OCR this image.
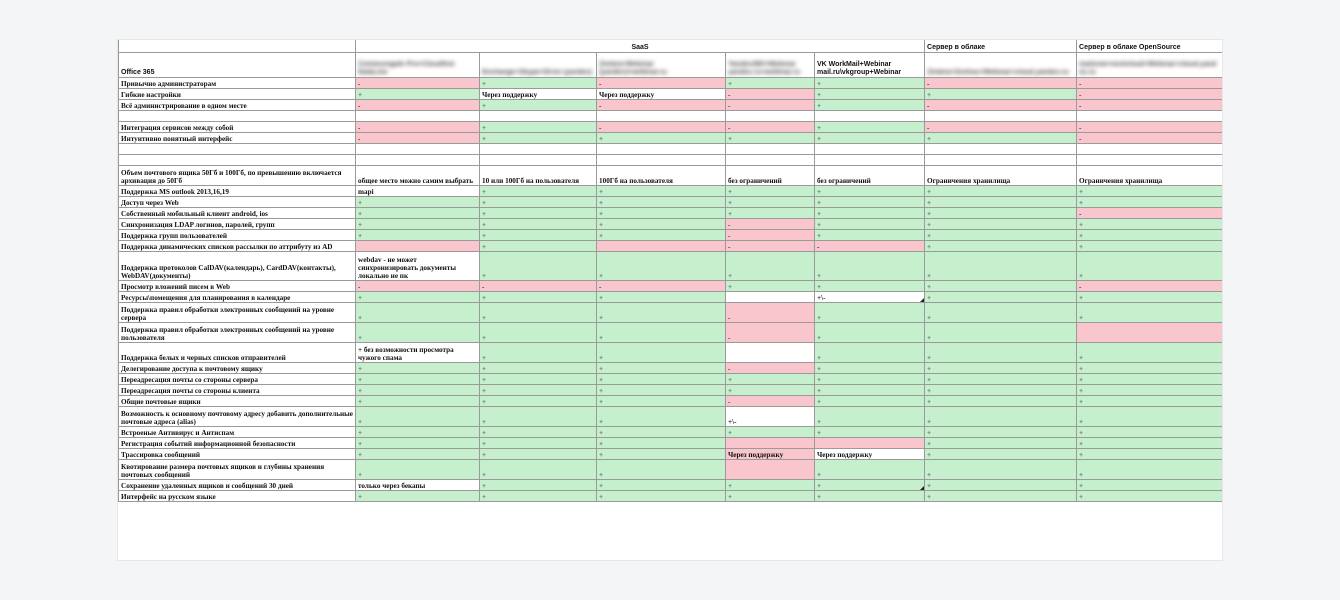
	SaaS					Сервер в облаке	Сервер в облаке OpenSource
Office 365	Communigate Pro+Cloudfine DataLine	Exchange+Skype+Drive (yandex)	Zimbra+Webinar (yandex)+webinar.ru	Yandex360+Webinar yandex.ru+webinar.ru	VK WorkMail+Webinar mail.ru\vkgroup+Webinar	Zimbra+Zextras+Webinar+cloud.yandex.ru	mailcow+nextcloud+Webinar+cloud.yandex.ru
Привычно администраторам	-	+	-	+	+	-	-
Гибкие настройки	+	Через поддержку	Через поддержку	-	+	+	-
Всё администрирование в одном месте	-	+	-	-	+	-	-

Интеграция сервисов между собой	-	+	-	-	+	-	-
Интуитивно понятный интерфейс	-	+	+	+	+	+	-

Объем почтового ящика 50Гб и 100Гб, по превышению включается архивация до 50Гб	общее место можно самим выбрать	10 или 100Гб на пользователя	100Гб на пользователя	без ограничений	без ограничений	Ограничения хранилища	Ограничения хранилища
Поддержка MS outlook 2013,16,19	mapi	+	+	+	+	+	+
Доступ через Web	+	+	+	+	+	+	+
Собственный мобильный клиент android, ios	+	+	+	+	+	+	-
Синхронизация LDAP логинов, паролей, групп	+	+	+	-	+	+	+
Поддержка групп пользователей	+	+	+	-	+	+	+
Поддержка динамических списков рассылки по аттрибуту из AD		+		-	-	+	+
Поддержка протоколов CalDAV(календарь), CardDAV(контакты), WebDAV(документы)	webdav - не может синхронизировать документы локально не пк	+	+	+	+	+	+
Просмотр вложений писем в Web	-	-	-	+	+	+	-
Ресурсы\помещения для планирования в календаре	+	+	+		+\-	+	+
Поддержка правил обработки электронных сообщений на уровне сервера	+	+	+	-	+	+	+
Поддержка правил обработки электронных сообщений на уровне пользователя	+	+	+	-	+	+	
Поддержка белых и черных списков отправителей	+ без возможности просмотра чужого спама	+	+		+	+	+
Делегирование доступа к почтовому ящику	+	+	+	-	+	+	+
Переадресация почты со стороны сервера	+	+	+	+	+	+	+
Переадресация почты со стороны клиента	+	+	+	+	+	+	+
Общие почтовые ящики	+	+	+	-	+	+	+
Возможность к основному почтовому адресу добавить дополнительные почтовые адреса (alias)	+	+	+	+\-	+	+	+
Встроеные Антивирус и Антиспам	+	+	+	+	+	+	+
Регистрация событий информационной безопасности	+	+	+			+	+
Трассировка сообщений	+	+	+	Через поддержку	Через поддержку	+	+
Квотирование размера почтовых ящиков и глубины хранения почтовых сообщений	+	+	+		+	+	+
Сохранение удаленных ящиков и сообщений 30 дней	только через бекапы	+	+	+	+	+	+
Интерфейс на русском языке	+	+	+	+	+	+	+
